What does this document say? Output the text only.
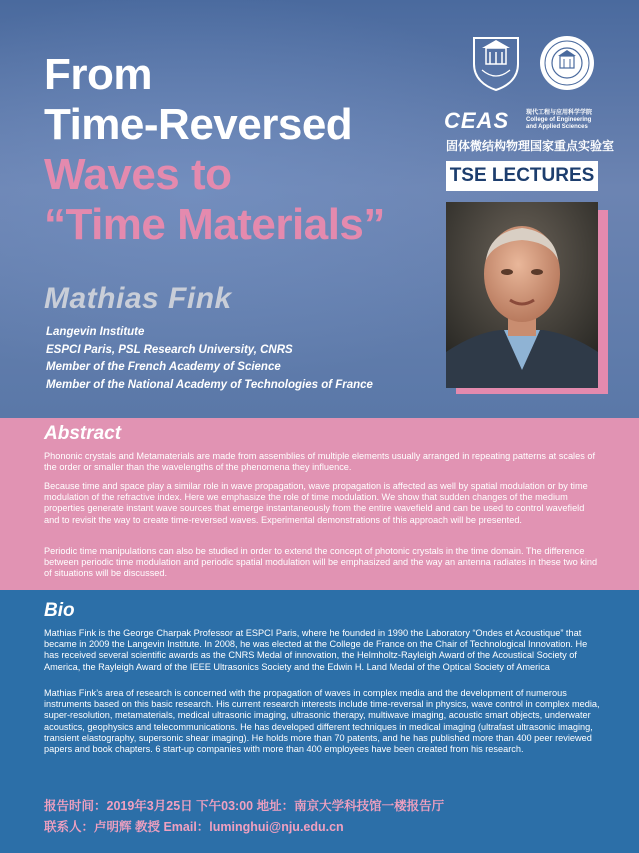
From
Time-Reversed
Waves to
“Time Materials”
Mathias Fink
Langevin Institute
ESPCI Paris, PSL Research University, CNRS
Member of the French Academy of Science
Member of the National Academy of Technologies of France
CEAS	现代工程与应用科学学院
College of Engineering
and Applied Sciences
固体微结构物理国家重点实验室
TSE LECTURES
Abstract

Phononic crystals and Metamaterials are made from assemblies of multiple elements usually arranged in repeating patterns at scales of the order or smaller than the wavelengths of the phenomena they influence.

Because time and space play a similar role in wave propagation, wave propagation is affected as well by spatial modulation or by time modulation of the refractive index. Here we emphasize the role of time modulation. We show that sudden changes of the medium properties generate instant wave sources that emerge instantaneously from the entire wavefield and can be used to control wavefield and to revisit the way to create time-reversed waves. Experimental demonstrations of this approach will be presented.

Periodic time manipulations can also be studied in order to extend the concept of photonic crystals in the time domain. The difference between periodic time modulation and periodic spatial modulation will be emphasized and the way an antenna radiates in these two kind of situations will be discussed.

Bio

Mathias Fink is the George Charpak Professor at ESPCI Paris, where he founded in 1990 the Laboratory “Ondes et Acoustique” that became in 2009 the Langevin Institute. In 2008, he was elected at the College de France on the Chair of Technological Innovation. He has received several scientific awards as the CNRS Medal of innovation, the Helmholtz-Rayleigh Award of the Acoustical Society of America, the Rayleigh Award of the IEEE Ultrasonics Society and the Edwin H. Land Medal of the Optical Society of America

Mathias Fink’s area of research is concerned with the propagation of waves in complex media and the development of numerous instruments based on this basic research. His current research interests include time-reversal in physics, wave control in complex media, super-resolution, metamaterials, medical ultrasonic imaging, ultrasonic therapy, multiwave imaging, acoustic smart objects, underwater acoustics, geophysics and telecommunications. He has developed different techniques in medical imaging (ultrafast ultrasonic imaging, transient elastography, supersonic shear imaging). He holds more than 70 patents, and he has published more than 400 peer reviewed papers and book chapters. 6 start-up companies with more than 400 employees have been created from his research.

报告时间：2019年3月25日 下午03:00 地址：南京大学科技馆一楼报告厅
联系人：卢明辉 教授 Email：luminghui@nju.edu.cn
